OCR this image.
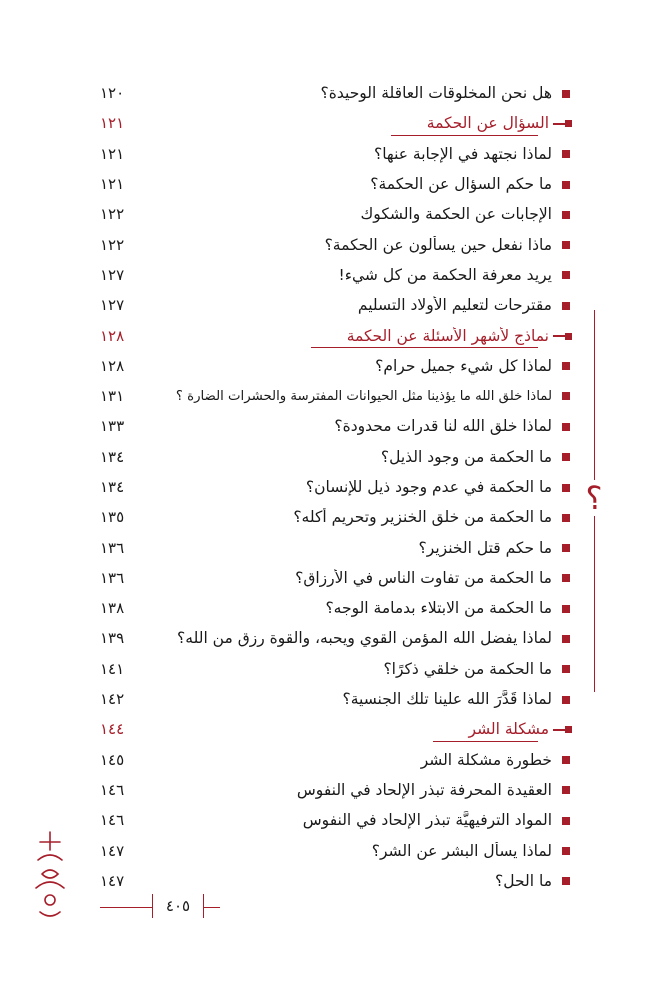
هل نحن المخلوقات العاقلة الوحيدة؟
١٢٠
السؤال عن الحكمة
١٢١
لماذا نجتهد في الإجابة عنها؟
١٢١
ما حكم السؤال عن الحكمة؟
١٢١
الإجابات عن الحكمة والشكوك
١٢٢
ماذا نفعل حين يسألون عن الحكمة؟
١٢٢
يريد معرفة الحكمة من كل شيء!
١٢٧
مقترحات لتعليم الأولاد التسليم
١٢٧
نماذج لأشهر الأسئلة عن الحكمة
١٢٨
لماذا كل شيء جميل حرام؟
١٢٨
لماذا خلق الله ما يؤذينا مثل الحيوانات المفترسة والحشرات الضارة ؟
١٣١
لماذا خلق الله لنا قدرات محدودة؟
١٣٣
ما الحكمة من وجود الذيل؟
١٣٤
ما الحكمة في عدم وجود ذيل للإنسان؟
١٣٤
ما الحكمة من خلق الخنزير وتحريم أكله؟
١٣٥
ما حكم قتل الخنزير؟
١٣٦
ما الحكمة من تفاوت الناس في الأرزاق؟
١٣٦
ما الحكمة من الابتلاء بدمامة الوجه؟
١٣٨
لماذا يفضل الله المؤمن القوي ويحبه، والقوة رزق من الله؟
١٣٩
ما الحكمة من خلقي ذكرًا؟
١٤١
لماذا قَدَّرَ الله علينا تلك الجنسية؟
١٤٢
مشكلة الشر
١٤٤
خطورة مشكلة الشر
١٤٥
العقيدة المحرفة تبذر الإلحاد في النفوس
١٤٦
المواد الترفيهيَّة تبذر الإلحاد في النفوس
١٤٦
لماذا يسأل البشر عن الشر؟
١٤٧
ما الحل؟
١٤٧
؟
٤٠٥
